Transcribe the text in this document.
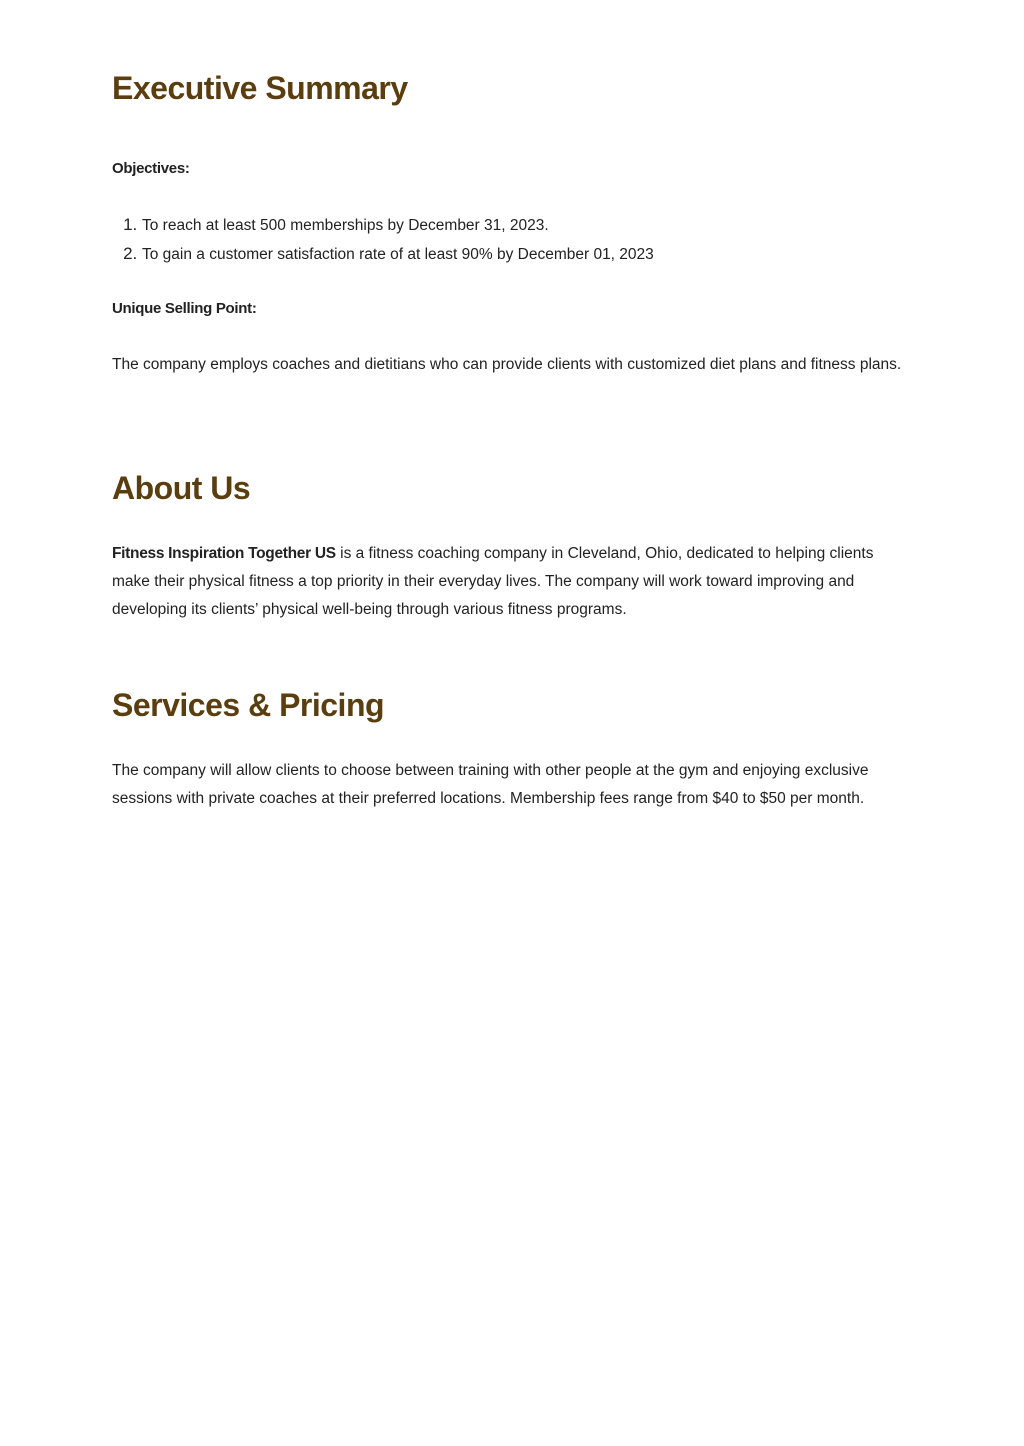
Executive Summary
Objectives:
1. To reach at least 500 memberships by December 31, 2023.
2. To gain a customer satisfaction rate of at least 90% by December 01, 2023
Unique Selling Point:

The company employs coaches and dietitians who can provide clients with customized diet plans and fitness plans.

About Us

Fitness Inspiration Together US is a fitness coaching company in Cleveland, Ohio, dedicated to helping clients make their physical fitness a top priority in their everyday lives. The company will work toward improving and developing its clients’ physical well-being through various fitness programs.

Services & Pricing

The company will allow clients to choose between training with other people at the gym and enjoying exclusive sessions with private coaches at their preferred locations. Membership fees range from $40 to $50 per month.
